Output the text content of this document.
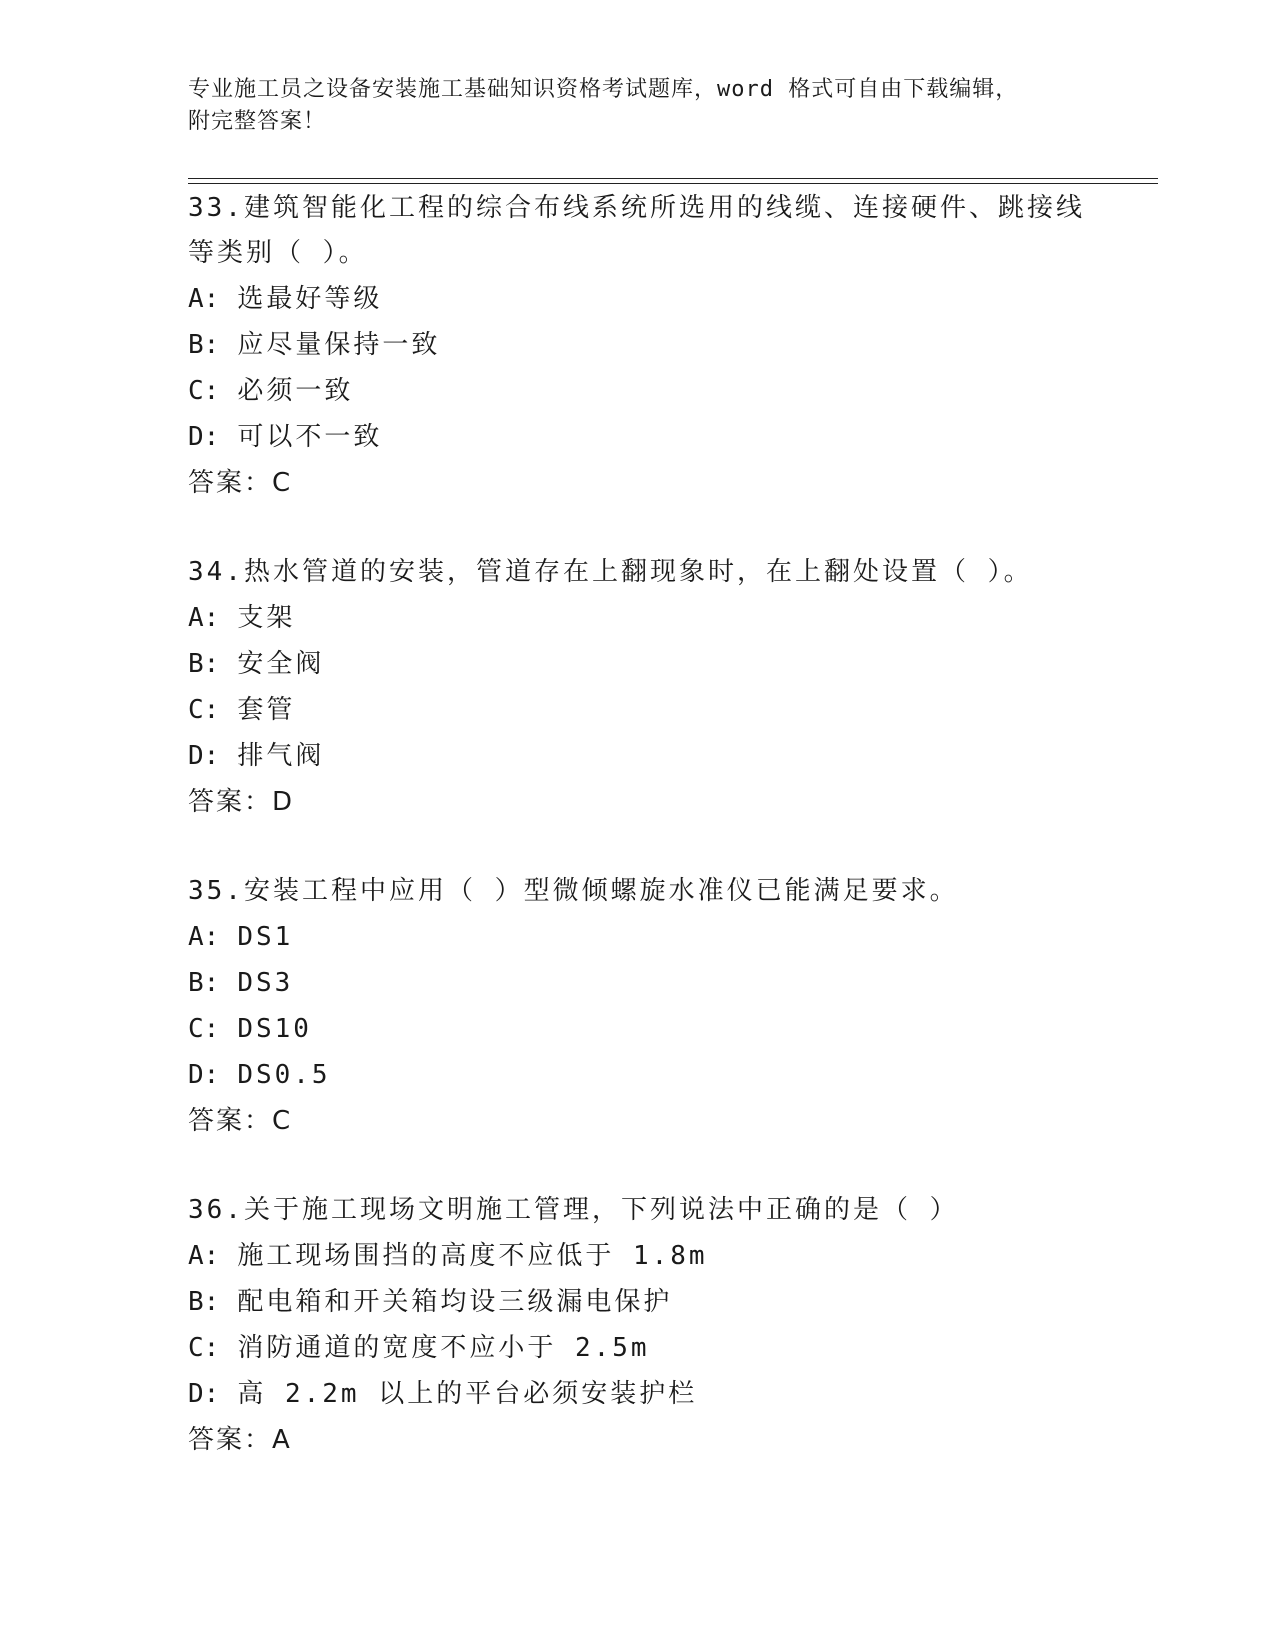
专业施工员之设备安装施工基础知识资格考试题库，word 格式可自由下载编辑，
附完整答案！

33.建筑智能化工程的综合布线系统所选用的线缆、连接硬件、跳接线等类别（ ）。

A: 选最好等级

B: 应尽量保持一致

C: 必须一致

D: 可以不一致

答案：C

34.热水管道的安装，管道存在上翻现象时，在上翻处设置（ ）。

A: 支架

B: 安全阀

C: 套管

D: 排气阀

答案：D

35.安装工程中应用（ ）型微倾螺旋水准仪已能满足要求。

A: DS1

B: DS3

C: DS10

D: DS0.5

答案：C

36.关于施工现场文明施工管理，下列说法中正确的是（ ）

A: 施工现场围挡的高度不应低于 1.8m

B: 配电箱和开关箱均设三级漏电保护

C: 消防通道的宽度不应小于 2.5m

D: 高 2.2m 以上的平台必须安装护栏

答案：A
